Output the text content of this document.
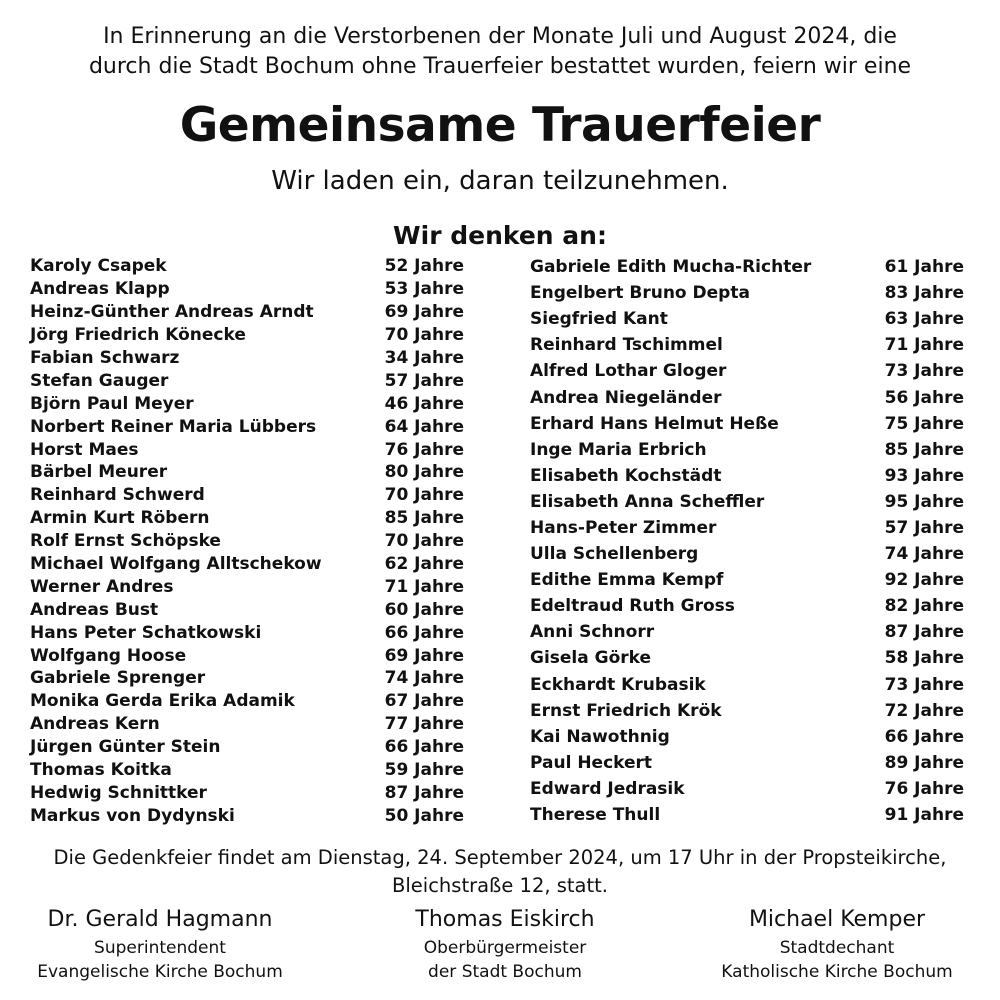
In Erinnerung an die Verstorbenen der Monate Juli und August 2024, die
durch die Stadt Bochum ohne Trauerfeier bestattet wurden, feiern wir eine
Gemeinsame Trauerfeier
Wir laden ein, daran teilzunehmen.
Wir denken an:
Karoly Csapek	52 Jahre
Andreas Klapp	53 Jahre
Heinz-Günther Andreas Arndt	69 Jahre
Jörg Friedrich Könecke	70 Jahre
Fabian Schwarz	34 Jahre
Stefan Gauger	57 Jahre
Björn Paul Meyer	46 Jahre
Norbert Reiner Maria Lübbers	64 Jahre
Horst Maes	76 Jahre
Bärbel Meurer	80 Jahre
Reinhard Schwerd	70 Jahre
Armin Kurt Röbern	85 Jahre
Rolf Ernst Schöpske	70 Jahre
Michael Wolfgang Alltschekow	62 Jahre
Werner Andres	71 Jahre
Andreas Bust	60 Jahre
Hans Peter Schatkowski	66 Jahre
Wolfgang Hoose	69 Jahre
Gabriele Sprenger	74 Jahre
Monika Gerda Erika Adamik	67 Jahre
Andreas Kern	77 Jahre
Jürgen Günter Stein	66 Jahre
Thomas Koitka	59 Jahre
Hedwig Schnittker	87 Jahre
Markus von Dydynski	50 Jahre
Gabriele Edith Mucha-Richter	61 Jahre
Engelbert Bruno Depta	83 Jahre
Siegfried Kant	63 Jahre
Reinhard Tschimmel	71 Jahre
Alfred Lothar Gloger	73 Jahre
Andrea Niegeländer	56 Jahre
Erhard Hans Helmut Heße	75 Jahre
Inge Maria Erbrich	85 Jahre
Elisabeth Kochstädt	93 Jahre
Elisabeth Anna Scheffler	95 Jahre
Hans-Peter Zimmer	57 Jahre
Ulla Schellenberg	74 Jahre
Edithe Emma Kempf	92 Jahre
Edeltraud Ruth Gross	82 Jahre
Anni Schnorr	87 Jahre
Gisela Görke	58 Jahre
Eckhardt Krubasik	73 Jahre
Ernst Friedrich Krök	72 Jahre
Kai Nawothnig	66 Jahre
Paul Heckert	89 Jahre
Edward Jedrasik	76 Jahre
Therese Thull	91 Jahre
Die Gedenkfeier findet am Dienstag, 24. September 2024, um 17 Uhr in der Propsteikirche,
Bleichstraße 12, statt.
Dr. Gerald Hagmann
Superintendent
Evangelische Kirche Bochum
Thomas Eiskirch
Oberbürgermeister
der Stadt Bochum
Michael Kemper
Stadtdechant
Katholische Kirche Bochum
